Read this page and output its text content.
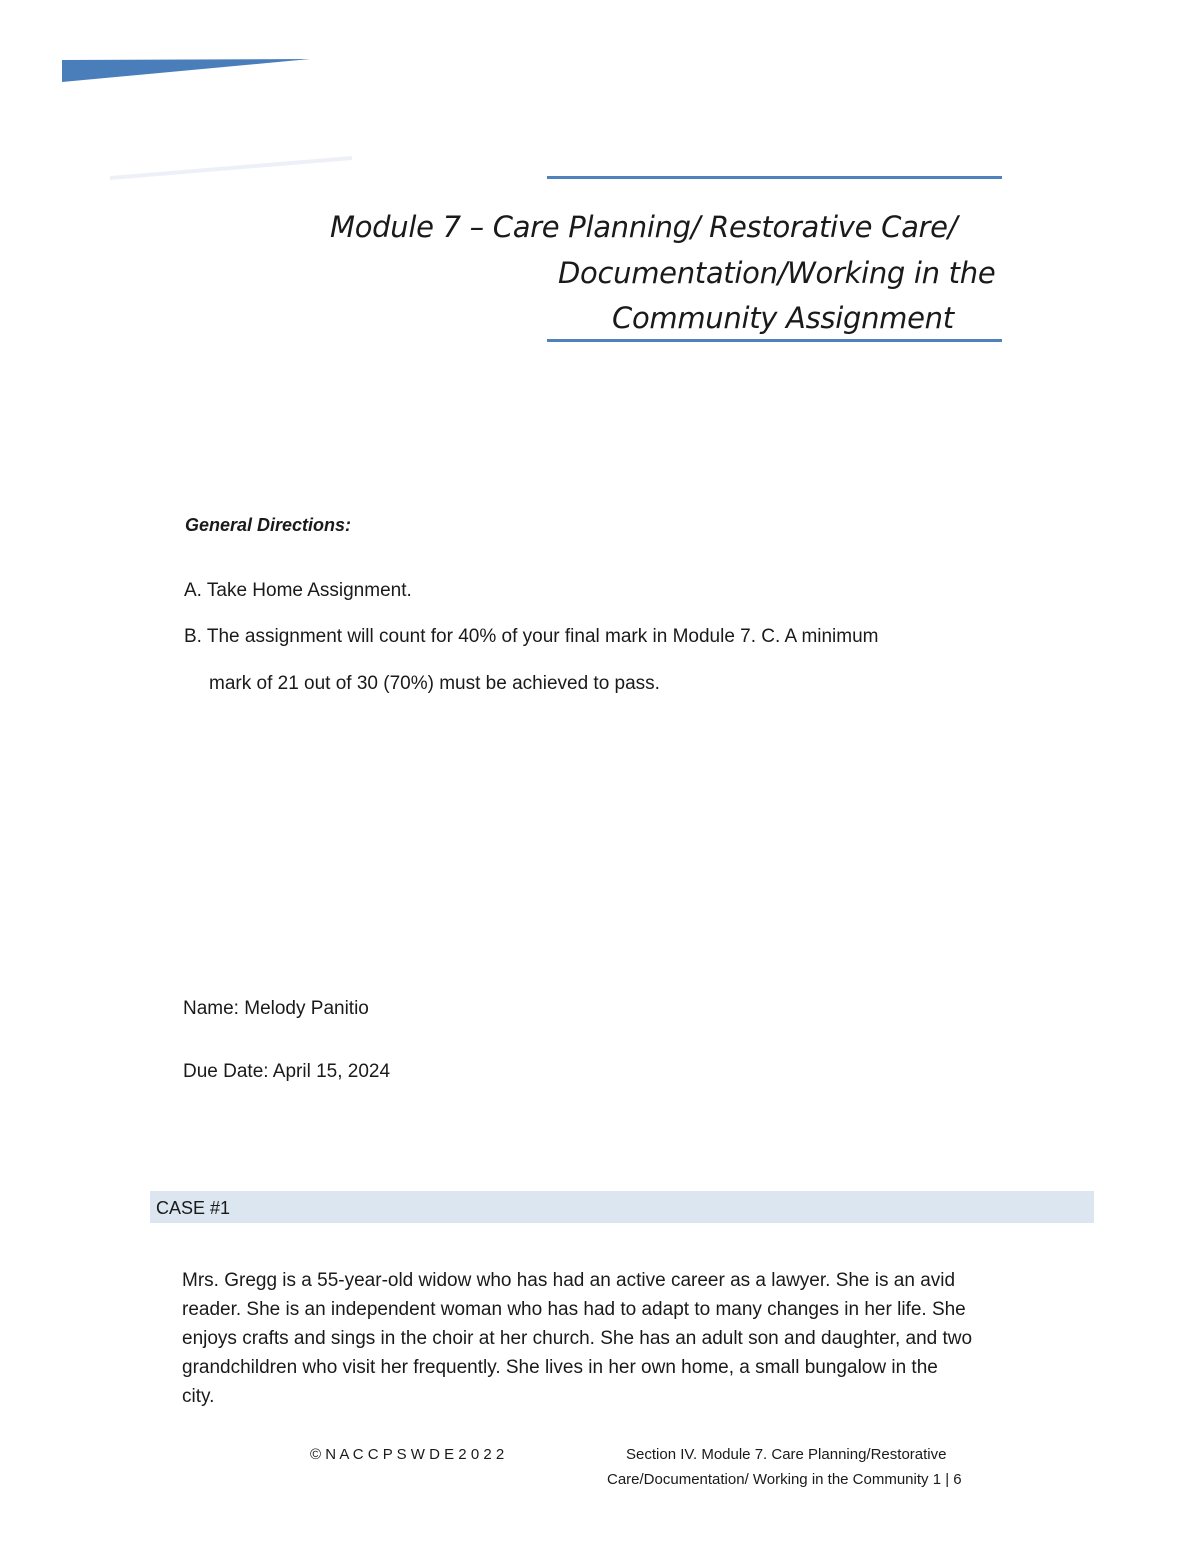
Module 7 – Care Planning/ Restorative Care/
Documentation/Working in the
Community Assignment
General Directions:
A. Take Home Assignment.
B. The assignment will count for 40% of your final mark in Module 7. C. A minimum
mark of 21 out of 30 (70%) must be achieved to pass.
Name: Melody Panitio
Due Date: April 15, 2024
CASE #1
Mrs. Gregg is a 55-year-old widow who has had an active career as a lawyer. She is an avid
reader. She is an independent woman who has had to adapt to many changes in her life. She
enjoys crafts and sings in the choir at her church. She has an adult son and daughter, and two
grandchildren who visit her frequently. She lives in her own home, a small bungalow in the
city.
© N A C C P S W D E 2 0 2 2	Section IV. Module 7. Care Planning/Restorative
Care/Documentation/ Working in the Community 1 | 6
